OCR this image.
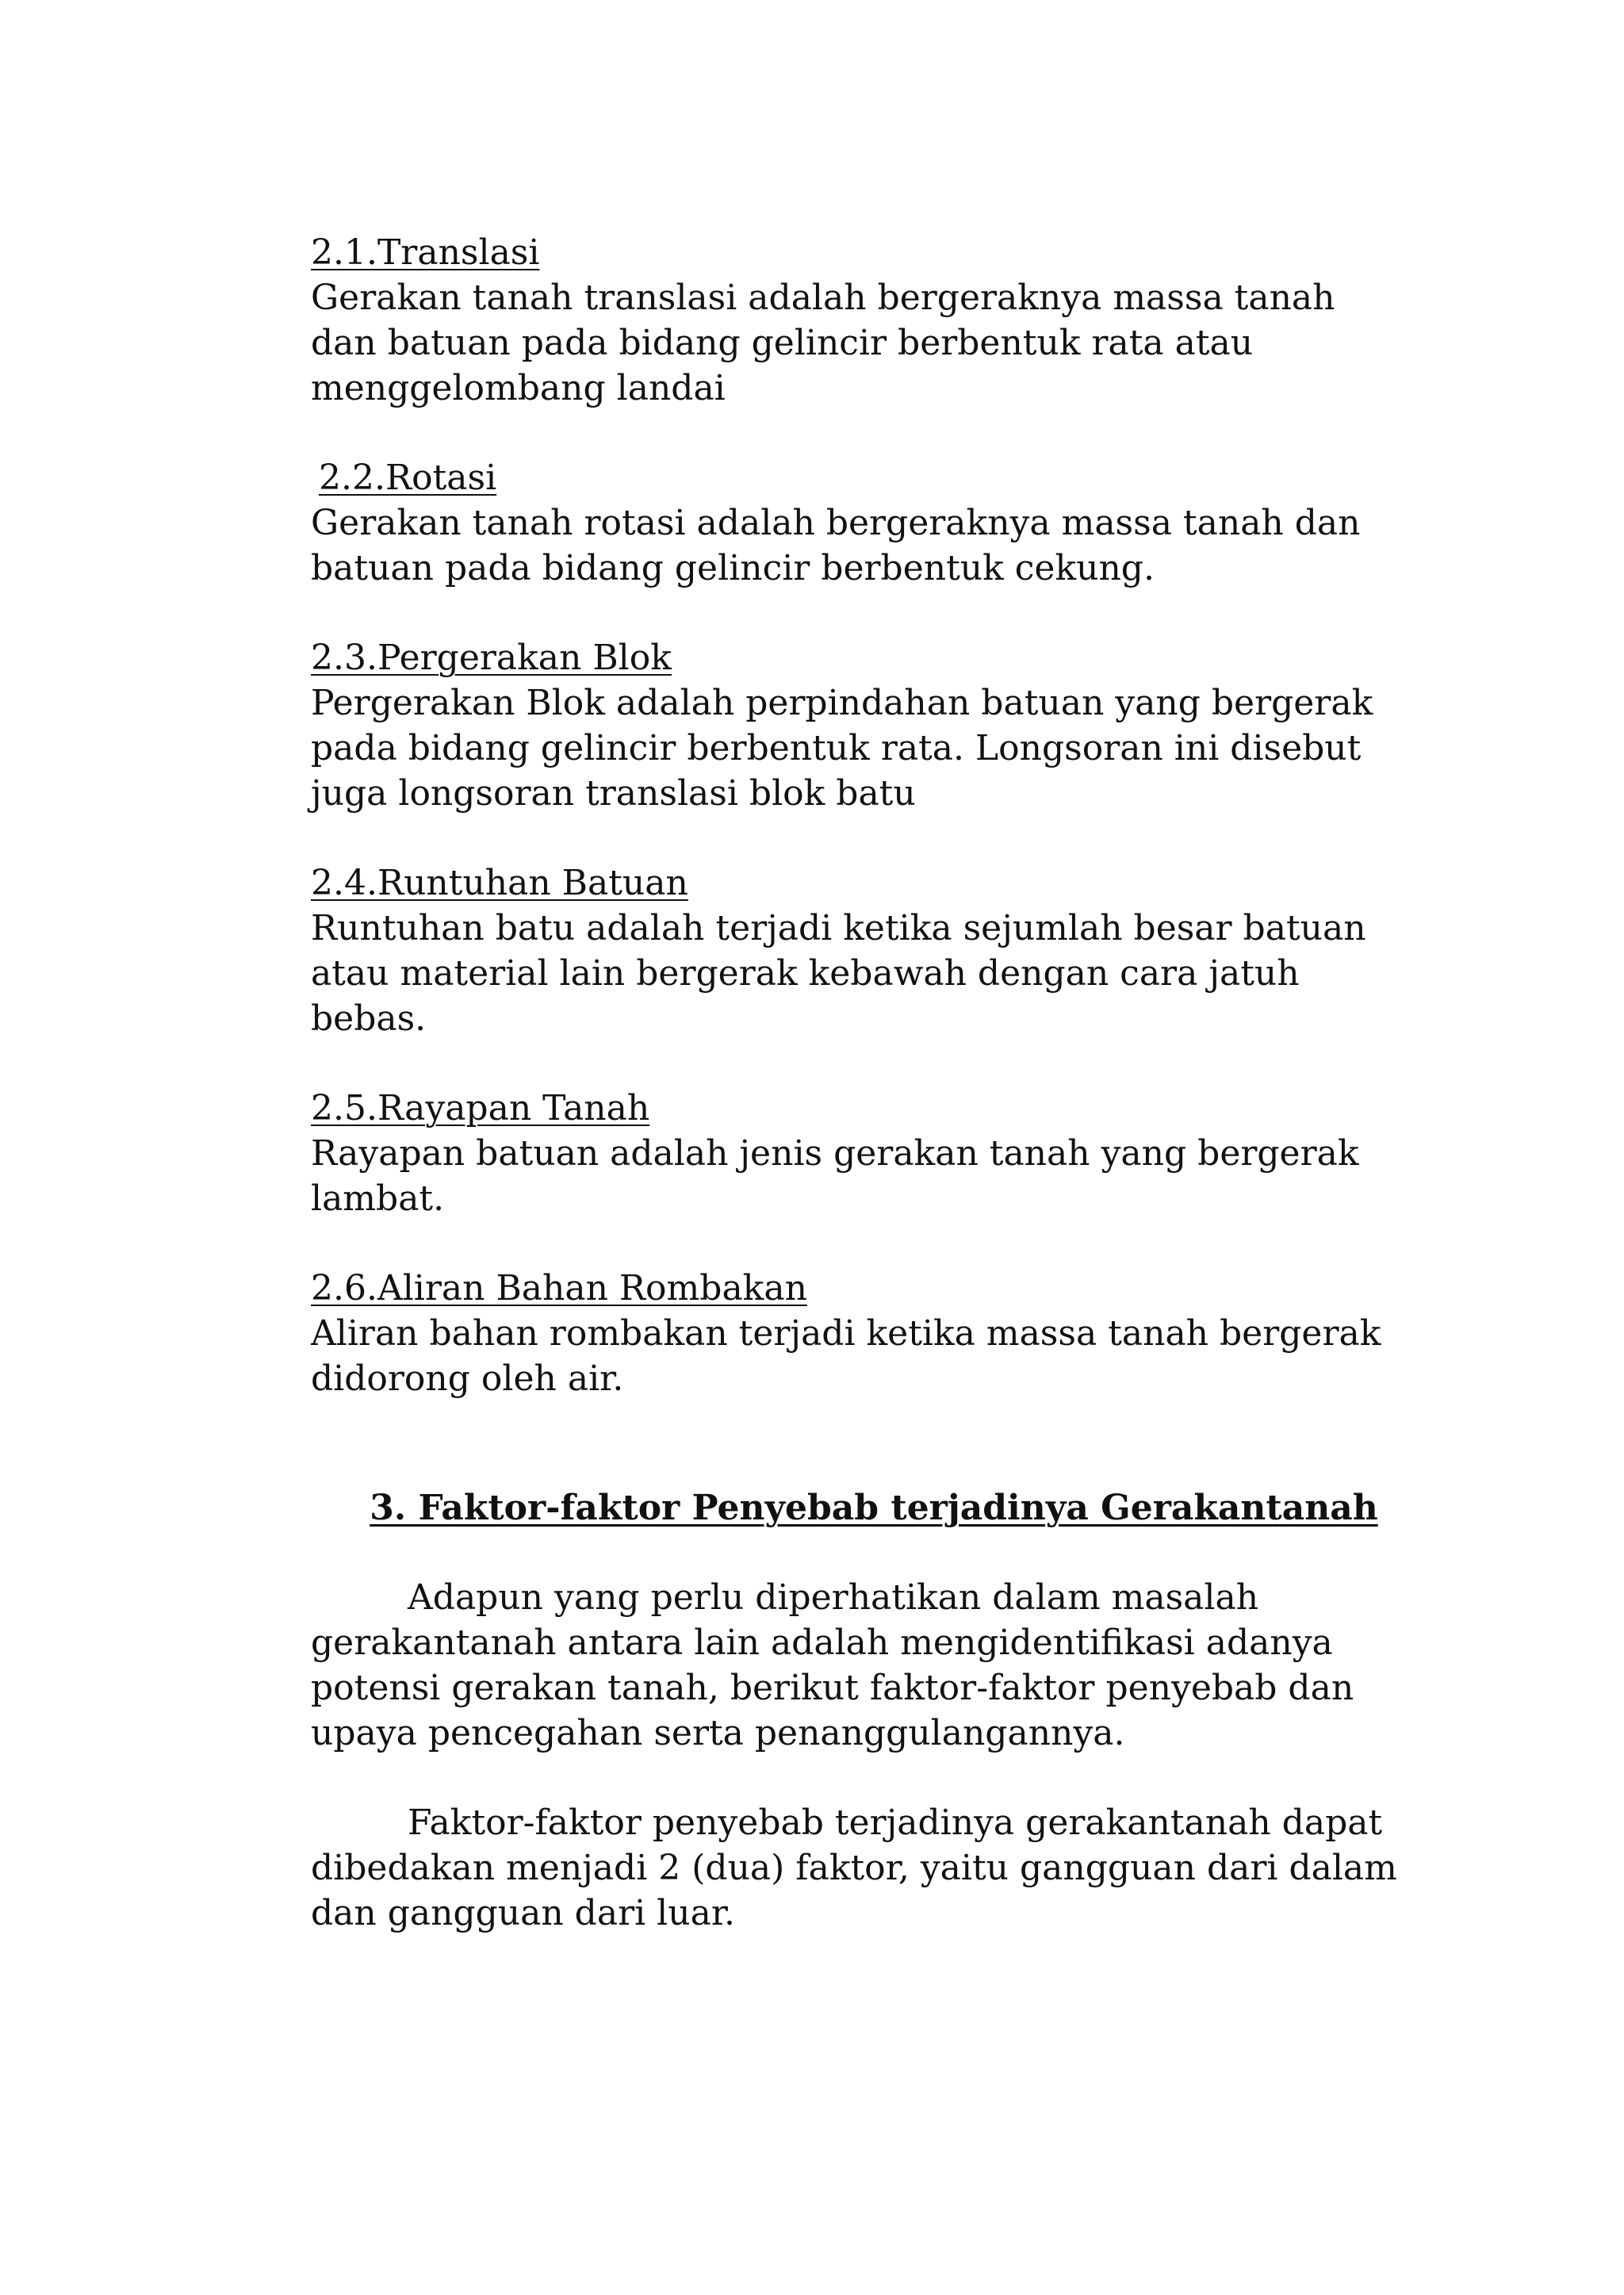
2.1.Translasi

Gerakan tanah translasi adalah bergeraknya massa tanah dan batuan pada bidang gelincir berbentuk rata atau menggelombang landai

2.2.Rotasi

Gerakan tanah rotasi adalah bergeraknya massa tanah dan batuan pada bidang gelincir berbentuk cekung.

2.3.Pergerakan Blok

Pergerakan Blok adalah perpindahan batuan yang bergerak pada bidang gelincir berbentuk rata. Longsoran ini disebut juga longsoran translasi blok batu

2.4.Runtuhan Batuan

Runtuhan batu adalah terjadi ketika sejumlah besar batuan atau material lain bergerak kebawah dengan cara jatuh bebas.

2.5.Rayapan Tanah

Rayapan batuan adalah jenis gerakan tanah yang bergerak lambat.

2.6.Aliran Bahan Rombakan

Aliran bahan rombakan terjadi ketika massa tanah bergerak didorong oleh air.

3. Faktor-faktor Penyebab terjadinya Gerakantanah

Adapun yang perlu diperhatikan dalam masalah gerakantanah antara lain adalah mengidentifikasi adanya potensi gerakan tanah, berikut faktor-faktor penyebab dan upaya pencegahan serta penanggulangannya.

Faktor-faktor penyebab terjadinya gerakantanah dapat dibedakan menjadi 2 (dua) faktor, yaitu gangguan dari dalam dan gangguan dari luar.
